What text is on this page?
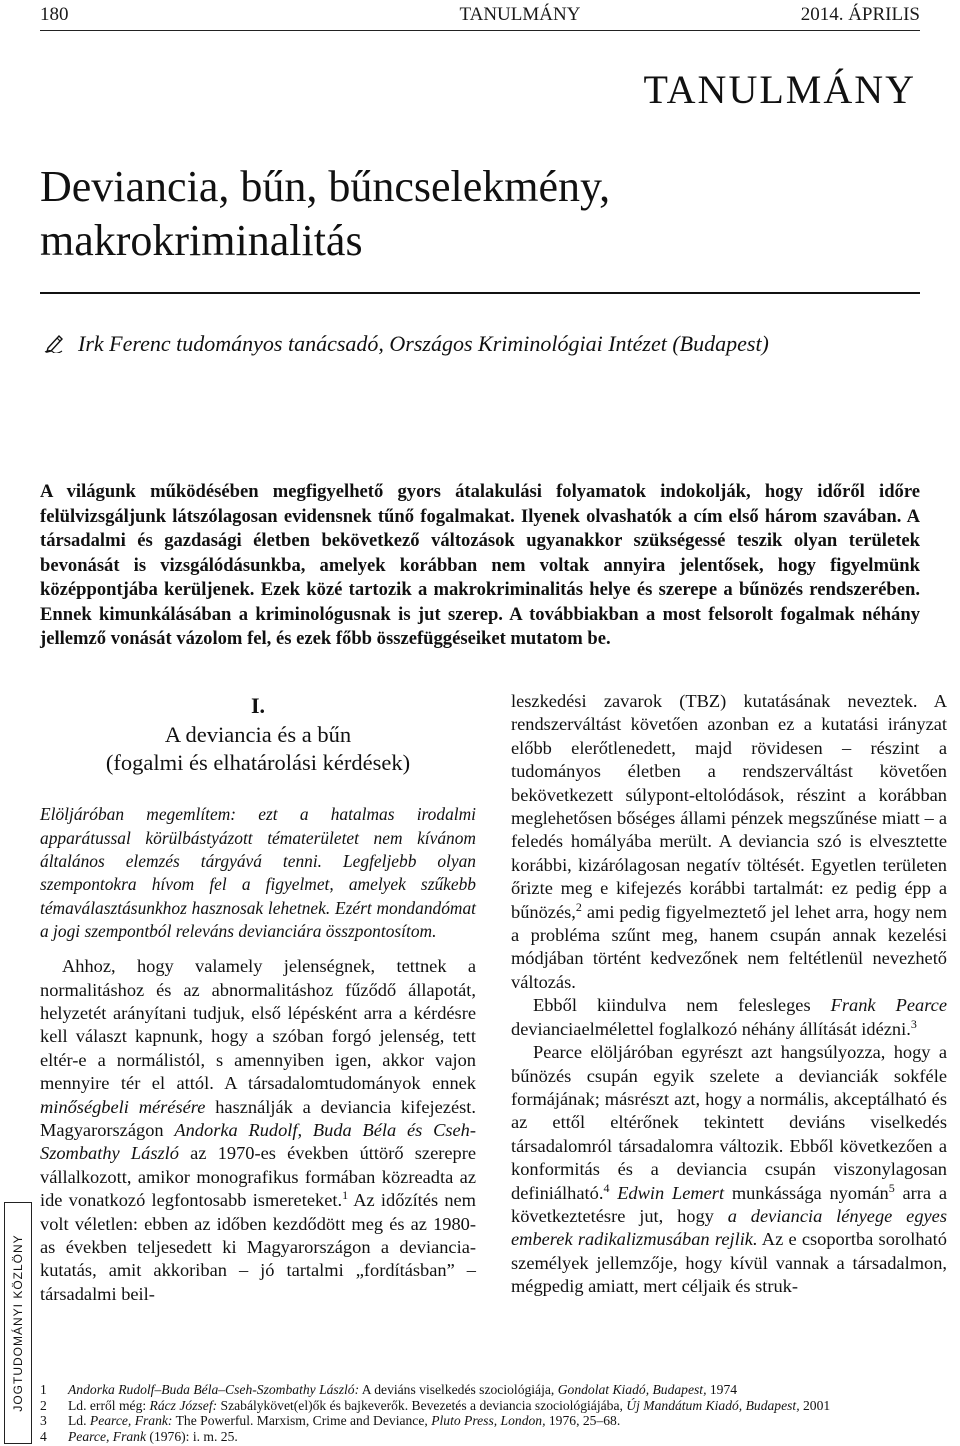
180	TANULMÁNY	2014. ÁPRILIS
TANULMÁNY
Deviancia, bűn, bűncselekmény, makrokriminalitás
Irk Ferenc tudományos tanácsadó, Országos Kriminológiai Intézet (Budapest)

A világunk működésében megfigyelhető gyors átalakulási folyamatok indokolják, hogy időről időre felülvizsgáljunk látszólagosan evidensnek tűnő fogalmakat. Ilyenek olvashatók a cím első három szavában. A társadalmi és gazdasági életben bekövetkező változások ugyanakkor szükségessé teszik olyan területek bevonását is vizsgálódásunkba, amelyek korábban nem voltak annyira jelentősek, hogy figyelmünk középpontjába kerüljenek. Ezek közé tartozik a makrokriminalitás helye és szerepe a bűnözés rendszerében. Ennek kimunkálásában a kriminológusnak is jut szerep. A továbbiakban a most felsorolt fogalmak néhány jellemző vonását vázolom fel, és ezek főbb összefüggéseiket mutatom be.

I.
A deviancia és a bűn
(fogalmi és elhatárolási kérdések)

Elöljáróban megemlítem: ezt a hatalmas irodalmi apparátussal körülbástyázott tématerületet nem kívánom általános elemzés tárgyává tenni. Legfeljebb olyan szempontokra hívom fel a figyelmet, amelyek szűkebb témaválasztásunkhoz hasznosak lehetnek. Ezért mondandómat a jogi szempontból releváns devianciára összpontosítom.

Ahhoz, hogy valamely jelenségnek, tettnek a normalitáshoz és az abnormalitáshoz fűződő állapotát, helyzetét arányítani tudjuk, első lépésként arra a kérdésre kell választ kapnunk, hogy a szóban forgó jelenség, tett eltér-e a normálistól, s amennyiben igen, akkor vajon mennyire tér el attól. A társadalomtudományok ennek minőségbeli mérésére használják a deviancia kifejezést. Magyarországon Andorka Rudolf, Buda Béla és Cseh-Szombathy László az 1970-es években úttörő szerepre vállalkozott, amikor monografikus formában közreadta az ide vonatkozó legfontosabb ismereteket.$^1$ Az időzítés nem volt véletlen: ebben az időben kezdődött meg és az 1980-as években teljesedett ki Magyarországon a deviancia-kutatás, amit akkoriban – jó tartalmi „fordításban” – társadalmi beil-

leszkedési zavarok (TBZ) kutatásának neveztek. A rendszerváltást követően azonban ez a kutatási irányzat előbb elerőtlenedett, majd rövidesen – részint a tudományos életben a rendszerváltást követően bekövetkezett súlypont-eltolódások, részint a korábban meglehetősen bőséges állami pénzek megszűnése miatt – a feledés homályába merült. A deviancia szó is elvesztette korábbi, kizárólagosan negatív töltését. Egyetlen területen őrizte meg e kifejezés korábbi tartalmát: ez pedig épp a bűnözés,$^2$ ami pedig figyelmeztető jel lehet arra, hogy nem a probléma szűnt meg, hanem csupán annak kezelési módjában történt kedvezőnek nem feltétlenül nevezhető változás.

Ebből kiindulva nem felesleges Frank Pearce devianciaelmélettel foglalkozó néhány állítását idézni.$^3$

Pearce elöljáróban egyrészt azt hangsúlyozza, hogy a bűnözés csupán egyik szelete a devianciák sokféle formájának; másrészt azt, hogy a normális, akceptálható és az ettől eltérőnek tekintett deviáns viselkedés társadalomról társadalomra változik. Ebből következően a konformitás és a deviancia csupán viszonylagosan definiálható.$^4$ Edwin Lemert munkássága nyomán$^5$ arra a következtetésre jut, hogy a deviancia lényege egyes emberek radikalizmusában rejlik. Az e csoportba sorolható személyek jellemzője, hogy kívül vannak a társadalmon, mégpedig amiatt, mert céljaik és struk-

1	Andorka Rudolf–Buda Béla–Cseh-Szombathy László: A deviáns viselkedés szociológiája, Gondolat Kiadó, Budapest, 1974
2	Ld. erről még: Rácz József: Szabálykövet(el)ők és bajkeverők. Bevezetés a deviancia szociológiájába, Új Mandátum Kiadó, Budapest, 2001
3	Ld. Pearce, Frank: The Powerful. Marxism, Crime and Deviance, Pluto Press, London, 1976, 25–68.
4	Pearce, Frank (1976): i. m. 25.
JOGTUDOMÁNYI KÖZLÖNY
